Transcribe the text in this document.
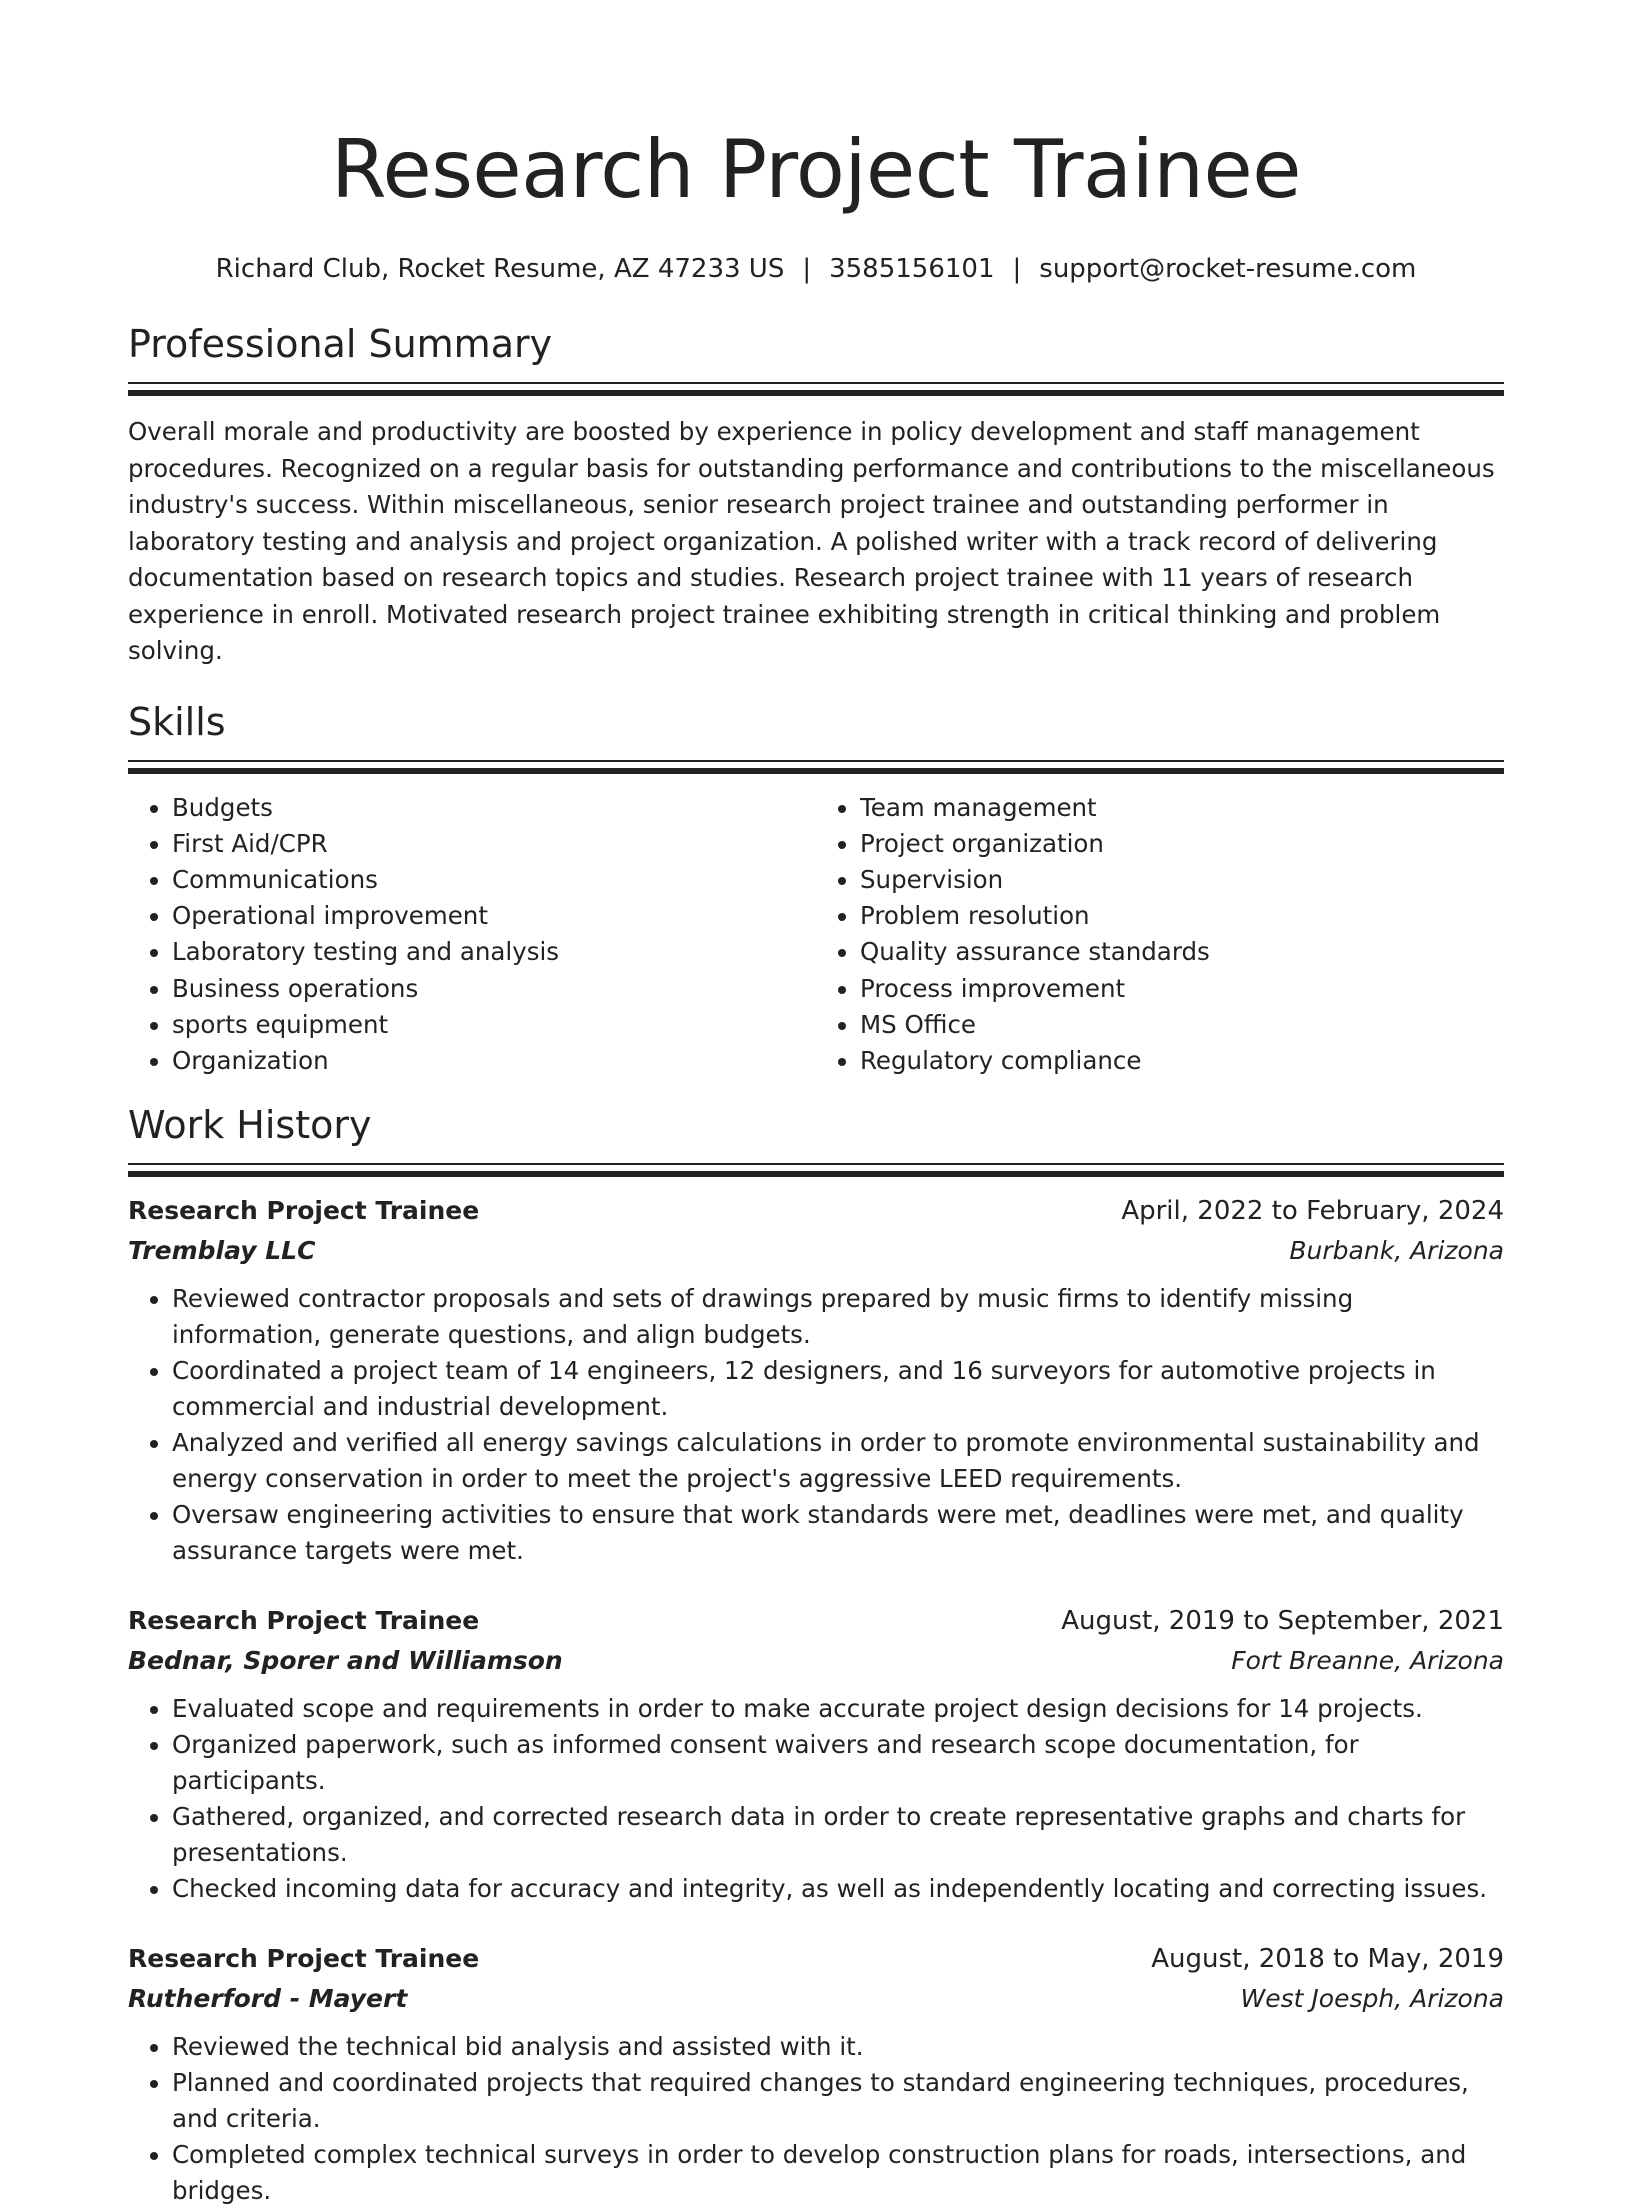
Research Project Trainee
Richard Club, Rocket Resume, AZ 47233 US | 3585156101 | support@rocket-resume.com
Professional Summary

Overall morale and productivity are boosted by experience in policy development and staff management procedures. Recognized on a regular basis for outstanding performance and contributions to the miscellaneous industry's success. Within miscellaneous, senior research project trainee and outstanding performer in laboratory testing and analysis and project organization. A polished writer with a track record of delivering documentation based on research topics and studies. Research project trainee with 11 years of research experience in enroll. Motivated research project trainee exhibiting strength in critical thinking and problem solving.

Skills
• Budgets
• First Aid/CPR
• Communications
• Operational improvement
• Laboratory testing and analysis
• Business operations
• sports equipment
• Organization
• Team management
• Project organization
• Supervision
• Problem resolution
• Quality assurance standards
• Process improvement
• MS Office
• Regulatory compliance
Work History
Research Project Trainee	April, 2022 to February, 2024
Tremblay LLC	Burbank, Arizona
• Reviewed contractor proposals and sets of drawings prepared by music firms to identify missing information, generate questions, and align budgets.
• Coordinated a project team of 14 engineers, 12 designers, and 16 surveyors for automotive projects in commercial and industrial development.
• Analyzed and verified all energy savings calculations in order to promote environmental sustainability and energy conservation in order to meet the project's aggressive LEED requirements.
• Oversaw engineering activities to ensure that work standards were met, deadlines were met, and quality assurance targets were met.
Research Project Trainee	August, 2019 to September, 2021
Bednar, Sporer and Williamson	Fort Breanne, Arizona
• Evaluated scope and requirements in order to make accurate project design decisions for 14 projects.
• Organized paperwork, such as informed consent waivers and research scope documentation, for participants.
• Gathered, organized, and corrected research data in order to create representative graphs and charts for presentations.
• Checked incoming data for accuracy and integrity, as well as independently locating and correcting issues.
Research Project Trainee	August, 2018 to May, 2019
Rutherford - Mayert	West Joesph, Arizona
• Reviewed the technical bid analysis and assisted with it.
• Planned and coordinated projects that required changes to standard engineering techniques, procedures, and criteria.
• Completed complex technical surveys in order to develop construction plans for roads, intersections, and bridges.
